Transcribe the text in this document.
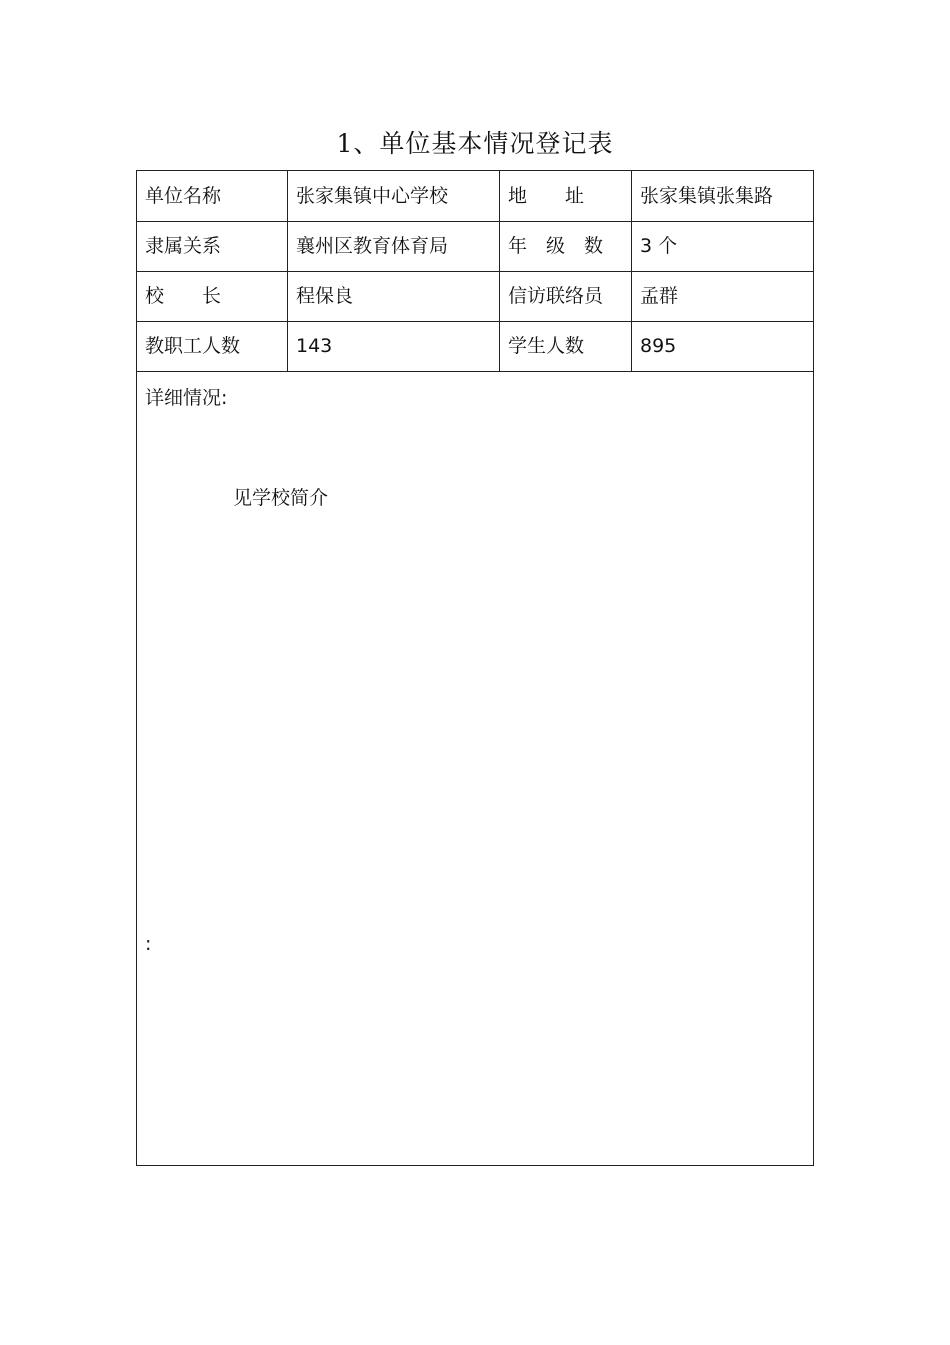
1、单位基本情况登记表
单位名称	张家集镇中心学校	地　　址	张家集镇张集路
隶属关系	襄州区教育体育局	年　级　数	3 个
校　　长	程保良	信访联络员	孟群
教职工人数	143	学生人数	895
详细情况:
见学校简介
:
